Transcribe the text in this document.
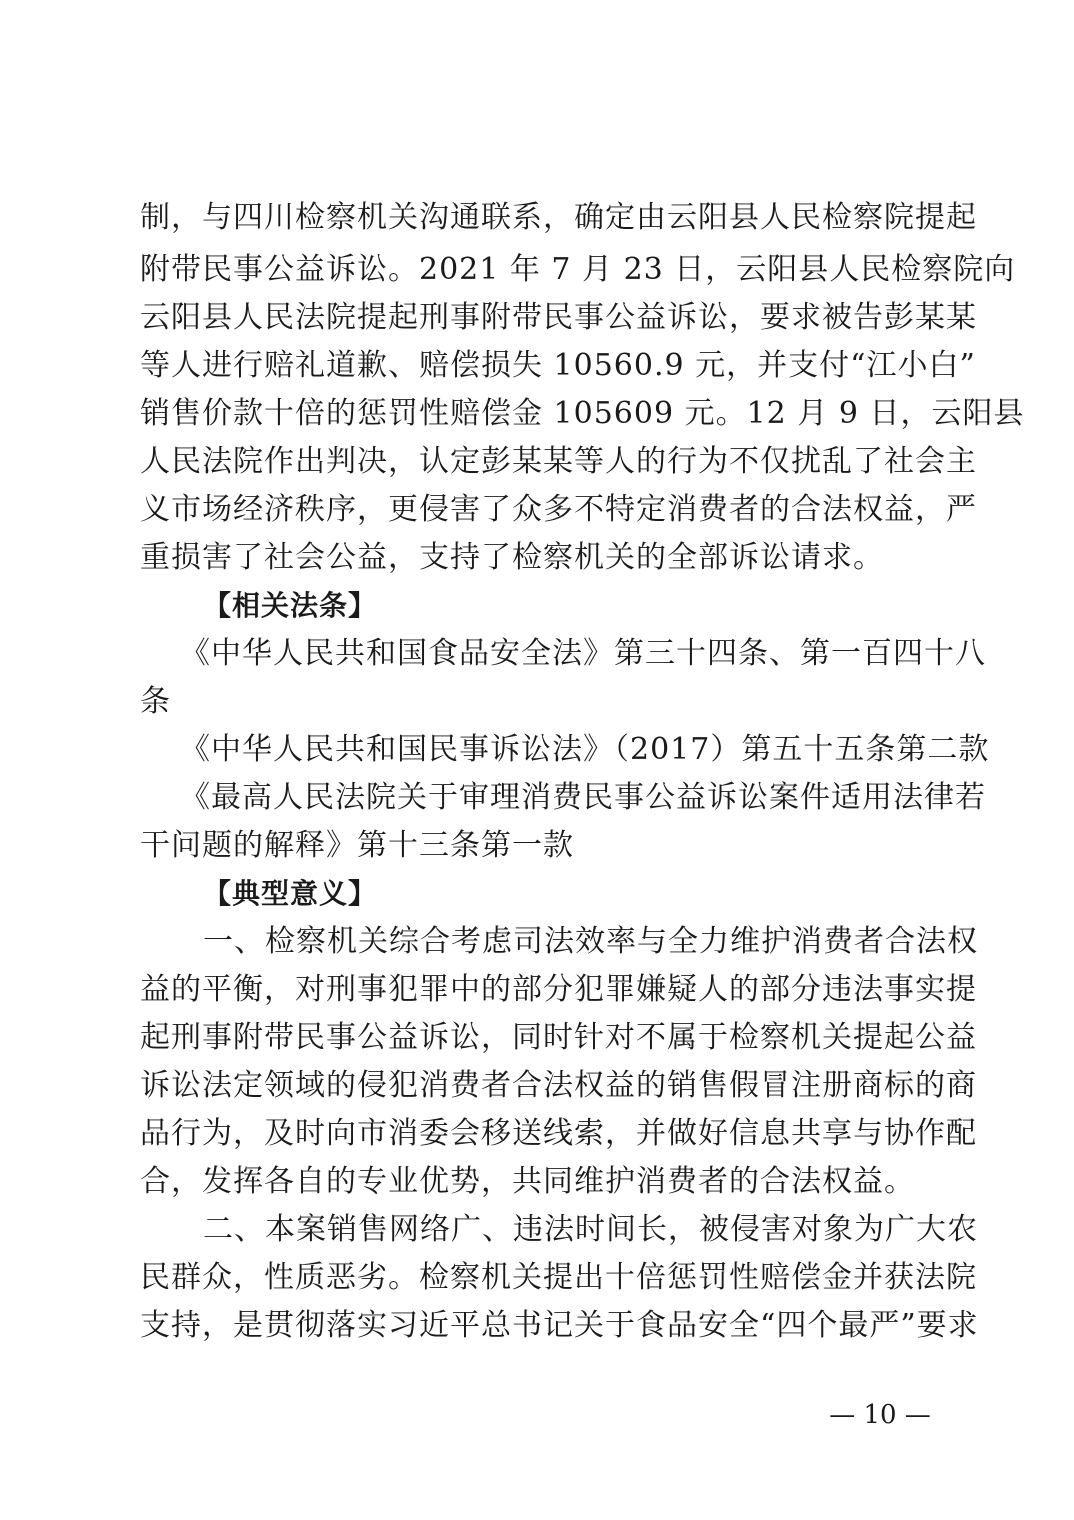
制，与四川检察机关沟通联系，确定由云阳县人民检察院提起
附带民事公益诉讼。2021 年 7 月 23 日，云阳县人民检察院向
云阳县人民法院提起刑事附带民事公益诉讼，要求被告彭某某
等人进行赔礼道歉、赔偿损失 10560.9 元，并支付“江小白”
销售价款十倍的惩罚性赔偿金 105609 元。12 月 9 日，云阳县
人民法院作出判决，认定彭某某等人的行为不仅扰乱了社会主
义市场经济秩序，更侵害了众多不特定消费者的合法权益，严
重损害了社会公益，支持了检察机关的全部诉讼请求。
【相关法条】
《中华人民共和国食品安全法》第三十四条、第一百四十八
条
《中华人民共和国民事诉讼法》（2017）第五十五条第二款
《最高人民法院关于审理消费民事公益诉讼案件适用法律若
干问题的解释》第十三条第一款
【典型意义】
一、检察机关综合考虑司法效率与全力维护消费者合法权
益的平衡，对刑事犯罪中的部分犯罪嫌疑人的部分违法事实提
起刑事附带民事公益诉讼，同时针对不属于检察机关提起公益
诉讼法定领域的侵犯消费者合法权益的销售假冒注册商标的商
品行为，及时向市消委会移送线索，并做好信息共享与协作配
合，发挥各自的专业优势，共同维护消费者的合法权益。
二、本案销售网络广、违法时间长，被侵害对象为广大农
民群众，性质恶劣。检察机关提出十倍惩罚性赔偿金并获法院
支持，是贯彻落实习近平总书记关于食品安全“四个最严”要求
— 10 —
